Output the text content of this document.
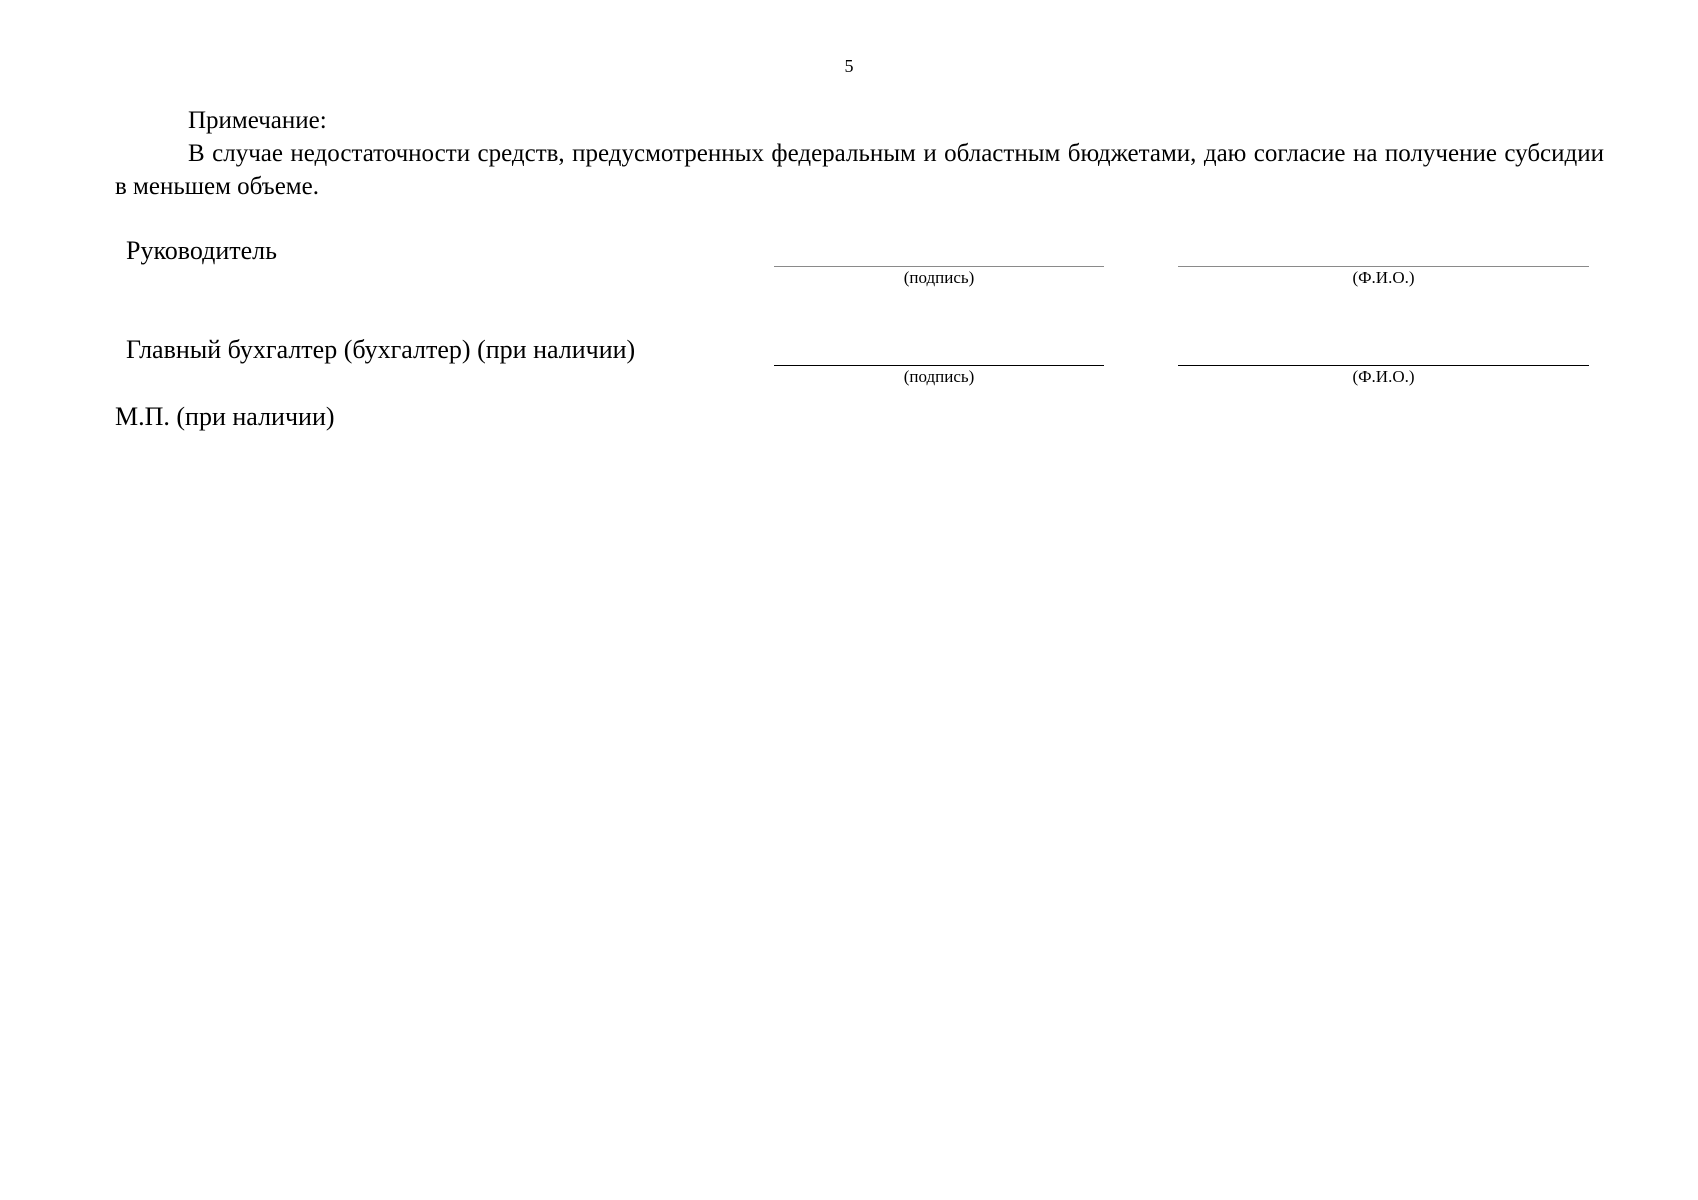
5

Примечание:

В случае недостаточности средств, предусмотренных федеральным и областным бюджетами, даю согласие на получение субсидии в меньшем объеме.

Руководитель
(подпись)	(Ф.И.О.)
Главный бухгалтер (бухгалтер) (при наличии)
(подпись)	(Ф.И.О.)
М.П. (при наличии)
